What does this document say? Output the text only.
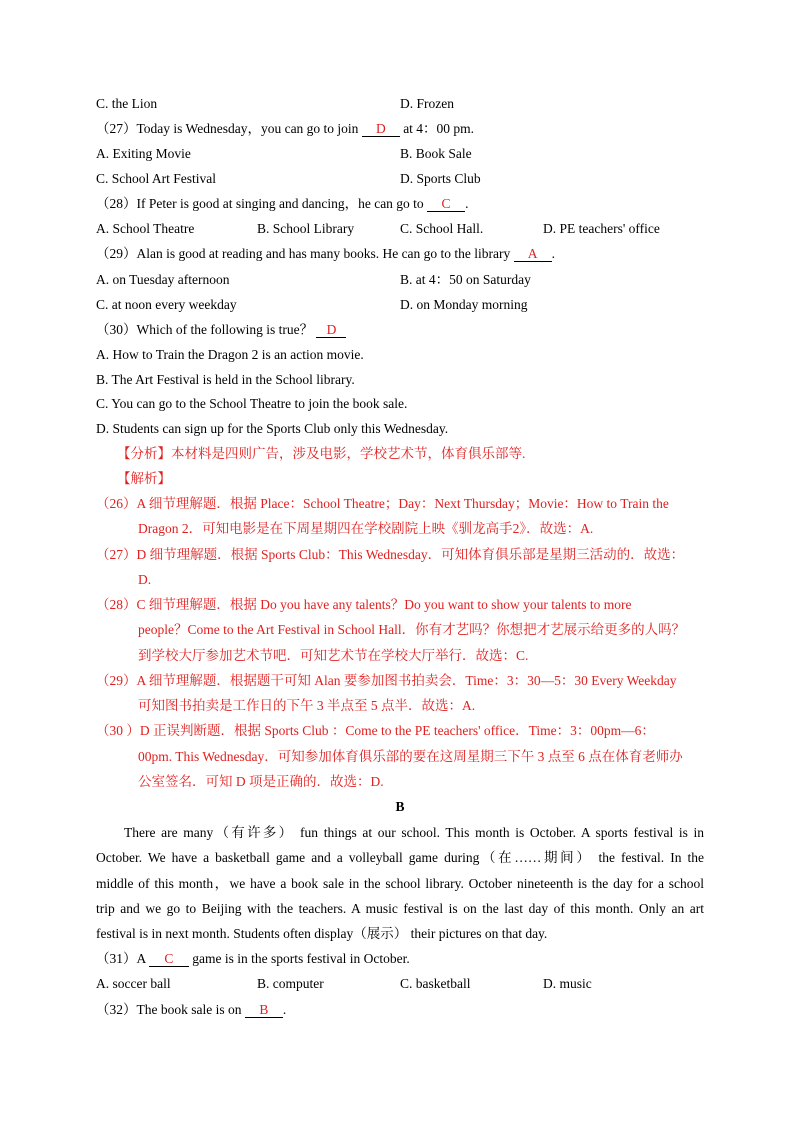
C. the Lion	D. Frozen
（27）Today is Wednesday，you can go to join D at 4：00 pm.
A. Exiting Movie	B. Book Sale
C. School Art Festival	D. Sports Club
（28）If Peter is good at singing and dancing，he can go to C .
A. School Theatre	B. School Library	C. School Hall.	D. PE teachers' office
（29）Alan is good at reading and has many books. He can go to the library A .
A. on Tuesday afternoon	B. at 4：50 on Saturday
C. at noon every weekday	D. on Monday morning
（30）Which of the following is true？ D
A. How to Train the Dragon 2 is an action movie.
B. The Art Festival is held in the School library.
C. You can go to the School Theatre to join the book sale.
D. Students can sign up for the Sports Club only this Wednesday.
【分析】本材料是四则广告，涉及电影，学校艺术节，体育俱乐部等.
【解析】
（26）A 细节理解题．根据 Place：School Theatre；Day：Next Thursday；Movie：How to Train the
Dragon 2．可知电影是在下周星期四在学校剧院上映《驯龙高手2》．故选：A.
（27）D 细节理解题．根据 Sports Club：This Wednesday．可知体育俱乐部是星期三活动的．故选：
D.
（28）C 细节理解题．根据 Do you have any talents？Do you want to show your talents to more
people？Come to the Art Festival in School Hall．你有才艺吗？你想把才艺展示给更多的人吗？
到学校大厅参加艺术节吧．可知艺术节在学校大厅举行．故选：C.
（29）A 细节理解题．根据题干可知 Alan 要参加图书拍卖会．Time：3：30—5：30 Every Weekday
可知图书拍卖是工作日的下午 3 半点至 5 点半．故选：A.
（30 ）D 正误判断题．根据 Sports Club ：Come to the PE teachers' office．Time：3：00pm—6：
00pm. This Wednesday．可知参加体育俱乐部的要在这周星期三下午 3 点至 6 点在体育老师办
公室签名．可知 D 项是正确的．故选：D.
B
There are many（有许多） fun things at our school. This month is October. A sports festival is in
October. We have a basketball game and a volleyball game during（在……期间） the festival. In the
middle of this month，we have a book sale in the school library. October nineteenth is the day for a school
trip and we go to Beijing with the teachers. A music festival is on the last day of this month. Only an art
festival is in next month. Students often display（展示） their pictures on that day.
（31）A C game is in the sports festival in October.
A. soccer ball	B. computer	C. basketball	D. music
（32）The book sale is on B .
